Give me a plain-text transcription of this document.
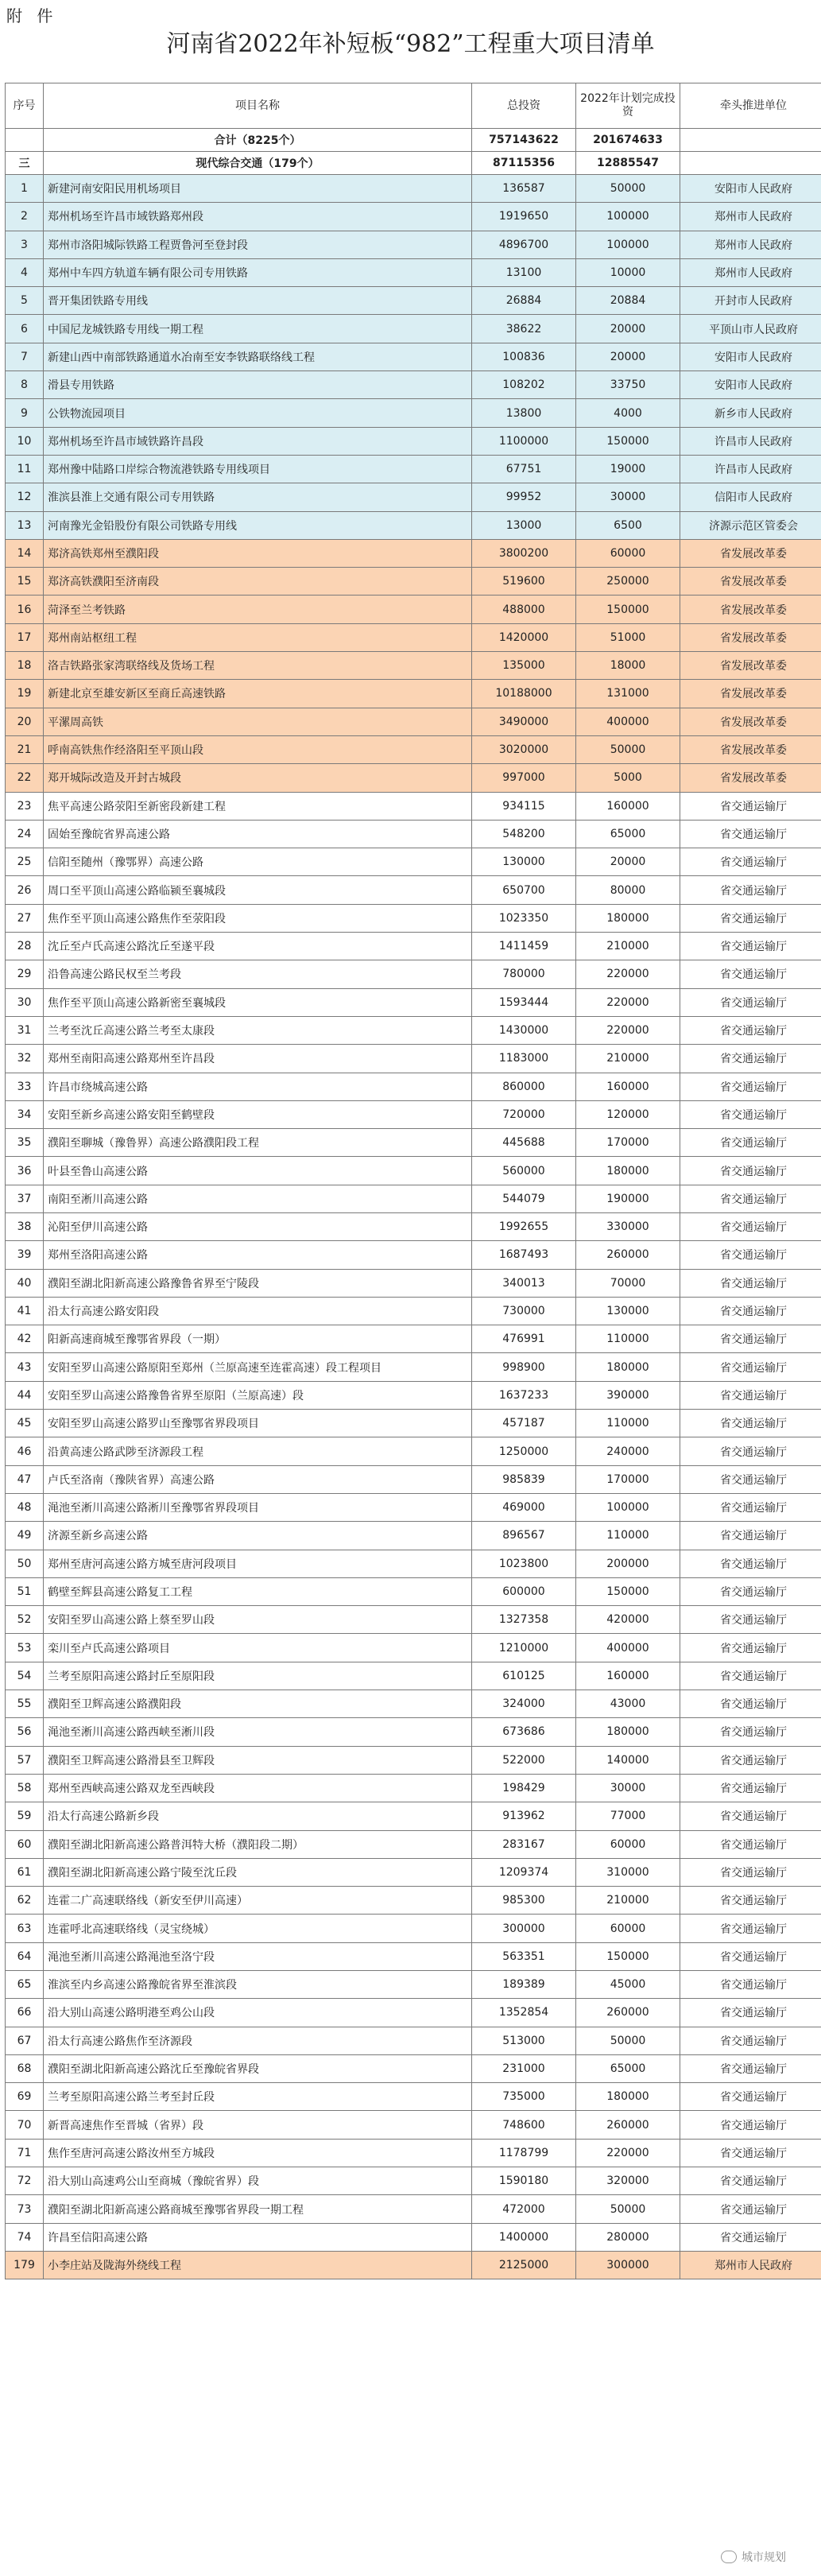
附 件
河南省2022年补短板“982”工程重大项目清单
序号	项目名称	总投资	2022年计划完成投资	牵头推进单位
	合计（8225个）	757143622	201674633	
三	现代综合交通（179个）	87115356	12885547	
1	新建河南安阳民用机场项目	136587	50000	安阳市人民政府
2	郑州机场至许昌市域铁路郑州段	1919650	100000	郑州市人民政府
3	郑州市洛阳城际铁路工程贾鲁河至登封段	4896700	100000	郑州市人民政府
4	郑州中车四方轨道车辆有限公司专用铁路	13100	10000	郑州市人民政府
5	晋开集团铁路专用线	26884	20884	开封市人民政府
6	中国尼龙城铁路专用线一期工程	38622	20000	平顶山市人民政府
7	新建山西中南部铁路通道水冶南至安李铁路联络线工程	100836	20000	安阳市人民政府
8	滑县专用铁路	108202	33750	安阳市人民政府
9	公铁物流园项目	13800	4000	新乡市人民政府
10	郑州机场至许昌市域铁路许昌段	1100000	150000	许昌市人民政府
11	郑州豫中陆路口岸综合物流港铁路专用线项目	67751	19000	许昌市人民政府
12	淮滨县淮上交通有限公司专用铁路	99952	30000	信阳市人民政府
13	河南豫光金铅股份有限公司铁路专用线	13000	6500	济源示范区管委会
14	郑济高铁郑州至濮阳段	3800200	60000	省发展改革委
15	郑济高铁濮阳至济南段	519600	250000	省发展改革委
16	菏泽至兰考铁路	488000	150000	省发展改革委
17	郑州南站枢纽工程	1420000	51000	省发展改革委
18	洛吉铁路张家湾联络线及货场工程	135000	18000	省发展改革委
19	新建北京至雄安新区至商丘高速铁路	10188000	131000	省发展改革委
20	平漯周高铁	3490000	400000	省发展改革委
21	呼南高铁焦作经洛阳至平顶山段	3020000	50000	省发展改革委
22	郑开城际改造及开封古城段	997000	5000	省发展改革委
23	焦平高速公路荥阳至新密段新建工程	934115	160000	省交通运输厅
24	固始至豫皖省界高速公路	548200	65000	省交通运输厅
25	信阳至随州（豫鄂界）高速公路	130000	20000	省交通运输厅
26	周口至平顶山高速公路临颍至襄城段	650700	80000	省交通运输厅
27	焦作至平顶山高速公路焦作至荥阳段	1023350	180000	省交通运输厅
28	沈丘至卢氏高速公路沈丘至遂平段	1411459	210000	省交通运输厅
29	沿鲁高速公路民权至兰考段	780000	220000	省交通运输厅
30	焦作至平顶山高速公路新密至襄城段	1593444	220000	省交通运输厅
31	兰考至沈丘高速公路兰考至太康段	1430000	220000	省交通运输厅
32	郑州至南阳高速公路郑州至许昌段	1183000	210000	省交通运输厅
33	许昌市绕城高速公路	860000	160000	省交通运输厅
34	安阳至新乡高速公路安阳至鹤壁段	720000	120000	省交通运输厅
35	濮阳至聊城（豫鲁界）高速公路濮阳段工程	445688	170000	省交通运输厅
36	叶县至鲁山高速公路	560000	180000	省交通运输厅
37	南阳至淅川高速公路	544079	190000	省交通运输厅
38	沁阳至伊川高速公路	1992655	330000	省交通运输厅
39	郑州至洛阳高速公路	1687493	260000	省交通运输厅
40	濮阳至湖北阳新高速公路豫鲁省界至宁陵段	340013	70000	省交通运输厅
41	沿太行高速公路安阳段	730000	130000	省交通运输厅
42	阳新高速商城至豫鄂省界段（一期）	476991	110000	省交通运输厅
43	安阳至罗山高速公路原阳至郑州（兰原高速至连霍高速）段工程项目	998900	180000	省交通运输厅
44	安阳至罗山高速公路豫鲁省界至原阳（兰原高速）段	1637233	390000	省交通运输厅
45	安阳至罗山高速公路罗山至豫鄂省界段项目	457187	110000	省交通运输厅
46	沿黄高速公路武陟至济源段工程	1250000	240000	省交通运输厅
47	卢氏至洛南（豫陕省界）高速公路	985839	170000	省交通运输厅
48	渑池至淅川高速公路淅川至豫鄂省界段项目	469000	100000	省交通运输厅
49	济源至新乡高速公路	896567	110000	省交通运输厅
50	郑州至唐河高速公路方城至唐河段项目	1023800	200000	省交通运输厅
51	鹤壁至辉县高速公路复工工程	600000	150000	省交通运输厅
52	安阳至罗山高速公路上蔡至罗山段	1327358	420000	省交通运输厅
53	栾川至卢氏高速公路项目	1210000	400000	省交通运输厅
54	兰考至原阳高速公路封丘至原阳段	610125	160000	省交通运输厅
55	濮阳至卫辉高速公路濮阳段	324000	43000	省交通运输厅
56	渑池至淅川高速公路西峡至淅川段	673686	180000	省交通运输厅
57	濮阳至卫辉高速公路滑县至卫辉段	522000	140000	省交通运输厅
58	郑州至西峡高速公路双龙至西峡段	198429	30000	省交通运输厅
59	沿太行高速公路新乡段	913962	77000	省交通运输厅
60	濮阳至湖北阳新高速公路普洱特大桥（濮阳段二期）	283167	60000	省交通运输厅
61	濮阳至湖北阳新高速公路宁陵至沈丘段	1209374	310000	省交通运输厅
62	连霍二广高速联络线（新安至伊川高速）	985300	210000	省交通运输厅
63	连霍呼北高速联络线（灵宝绕城）	300000	60000	省交通运输厅
64	渑池至淅川高速公路渑池至洛宁段	563351	150000	省交通运输厅
65	淮滨至内乡高速公路豫皖省界至淮滨段	189389	45000	省交通运输厅
66	沿大别山高速公路明港至鸡公山段	1352854	260000	省交通运输厅
67	沿太行高速公路焦作至济源段	513000	50000	省交通运输厅
68	濮阳至湖北阳新高速公路沈丘至豫皖省界段	231000	65000	省交通运输厅
69	兰考至原阳高速公路兰考至封丘段	735000	180000	省交通运输厅
70	新晋高速焦作至晋城（省界）段	748600	260000	省交通运输厅
71	焦作至唐河高速公路汝州至方城段	1178799	220000	省交通运输厅
72	沿大别山高速鸡公山至商城（豫皖省界）段	1590180	320000	省交通运输厅
73	濮阳至湖北阳新高速公路商城至豫鄂省界段一期工程	472000	50000	省交通运输厅
74	许昌至信阳高速公路	1400000	280000	省交通运输厅
179	小李庄站及陇海外绕线工程	2125000	300000	郑州市人民政府
城市规划
